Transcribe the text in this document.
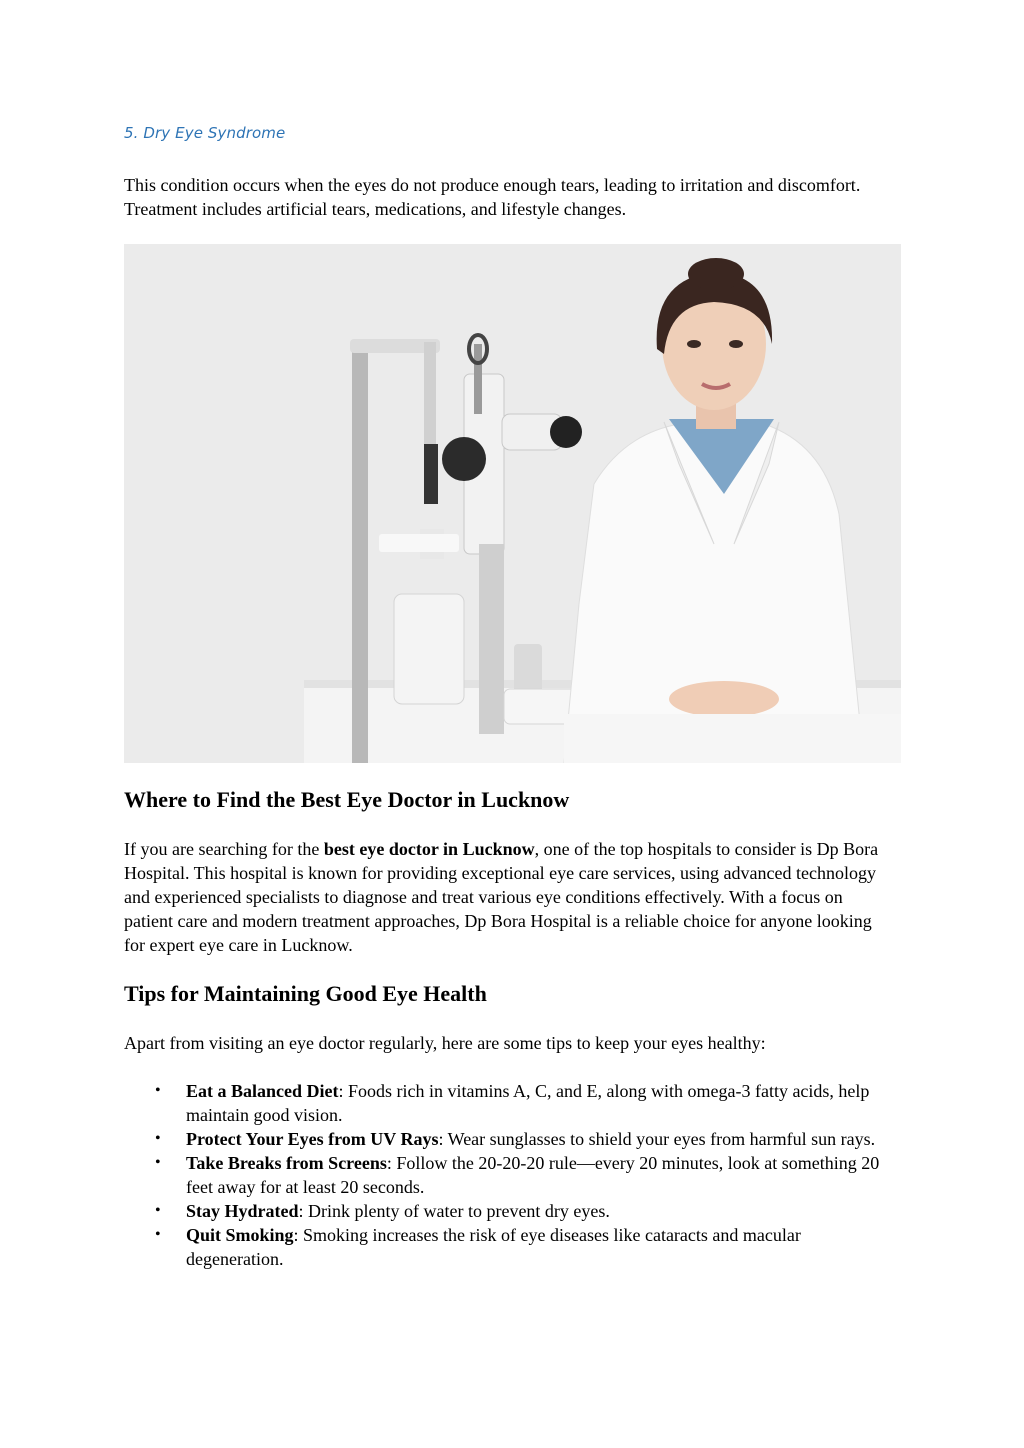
5. Dry Eye Syndrome
This condition occurs when the eyes do not produce enough tears, leading to irritation and discomfort. Treatment includes artificial tears, medications, and lifestyle changes.
Where to Find the Best Eye Doctor in Lucknow
If you are searching for the best eye doctor in Lucknow, one of the top hospitals to consider is Dp Bora Hospital. This hospital is known for providing exceptional eye care services, using advanced technology and experienced specialists to diagnose and treat various eye conditions effectively. With a focus on patient care and modern treatment approaches, Dp Bora Hospital is a reliable choice for anyone looking for expert eye care in Lucknow.
Tips for Maintaining Good Eye Health
Apart from visiting an eye doctor regularly, here are some tips to keep your eyes healthy:
• Eat a Balanced Diet: Foods rich in vitamins A, C, and E, along with omega-3 fatty acids, help maintain good vision.
• Protect Your Eyes from UV Rays: Wear sunglasses to shield your eyes from harmful sun rays.
• Take Breaks from Screens: Follow the 20-20-20 rule—every 20 minutes, look at something 20 feet away for at least 20 seconds.
• Stay Hydrated: Drink plenty of water to prevent dry eyes.
• Quit Smoking: Smoking increases the risk of eye diseases like cataracts and macular degeneration.
